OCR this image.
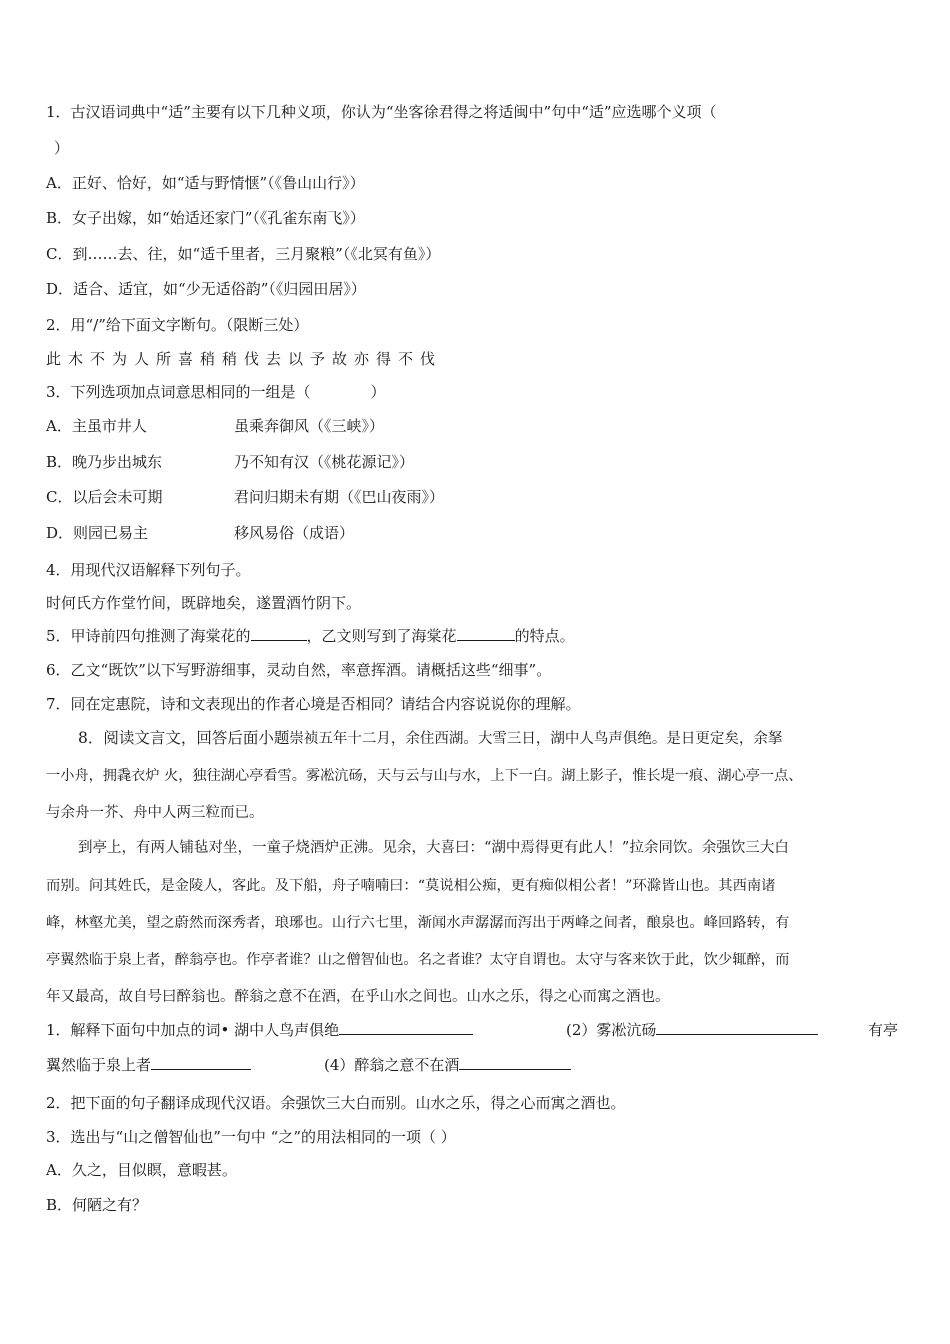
1．古汉语词典中“适”主要有以下几种义项，你认为“坐客徐君得之将适闽中”句中“适”应选哪个义项（
）
A．正好、恰好，如“适与野情惬”（《鲁山山行》）
B．女子出嫁，如“始适还家门”（《孔雀东南飞》）
C．到……去、往，如“适千里者，三月聚粮”（《北冥有鱼》）
D．适合、适宜，如“少无适俗韵”（《归园田居》）
2．用“/”给下面文字断句。（限断三处）
此木不为人所喜稍稍伐去以予故亦得不伐
3．下列选项加点词意思相同的一组是（　　　　）
A．主虽市井人	虽乘奔御风（《三峡》）
B．晚乃步出城东	乃不知有汉（《桃花源记》）
C．以后会未可期	君问归期未有期（《巴山夜雨》）
D．则园已易主	移风易俗（成语）
4．用现代汉语解释下列句子。
时何氏方作堂竹间，既辟地矣，遂置酒竹阴下。
5．甲诗前四句推测了海棠花的	，乙文则写到了海棠花	的特点。
6．乙文“既饮”以下写野游细事，灵动自然，率意挥酒。请概括这些“细事”。
7．同在定惠院，诗和文表现出的作者心境是否相同？请结合内容说说你的理解。
8．阅读文言文，回答后面小题崇祯五年十二月，余住西湖。大雪三日，湖中人鸟声俱绝。是日更定矣，余拏
一小舟，拥毳衣炉 火，独往湖心亭看雪。雾凇沆砀，天与云与山与水，上下一白。湖上影子，惟长堤一痕、湖心亭一点、
与余舟一芥、舟中人两三粒而已。
到亭上，有两人铺毡对坐，一童子烧酒炉正沸。见余，大喜曰：“湖中焉得更有此人！”拉余同饮。余强饮三大白
而别。问其姓氏，是金陵人，客此。及下船，舟子喃喃曰：“莫说相公痴，更有痴似相公者！”环滁皆山也。其西南诸
峰，林壑尤美，望之蔚然而深秀者，琅琊也。山行六七里，渐闻水声潺潺而泻出于两峰之间者，酿泉也。峰回路转，有
亭翼然临于泉上者，醉翁亭也。作亭者谁？山之僧智仙也。名之者谁？太守自谓也。太守与客来饮于此，饮少辄醉，而
年又最高，故自号曰醉翁也。醉翁之意不在酒，在乎山水之间也。山水之乐，得之心而寓之酒也。
1．解释下面句中加点的词• 湖中人鸟声俱绝	(2）雾凇沆砀	有亭
翼然临于泉上者	(4）醉翁之意不在酒
2．把下面的句子翻译成现代汉语。余强饮三大白而别。山水之乐，得之心而寓之酒也。
3．选出与“山之僧智仙也”一句中 “之”的用法相同的一项（ ）
A．久之，目似瞑，意暇甚。
B．何陋之有？
